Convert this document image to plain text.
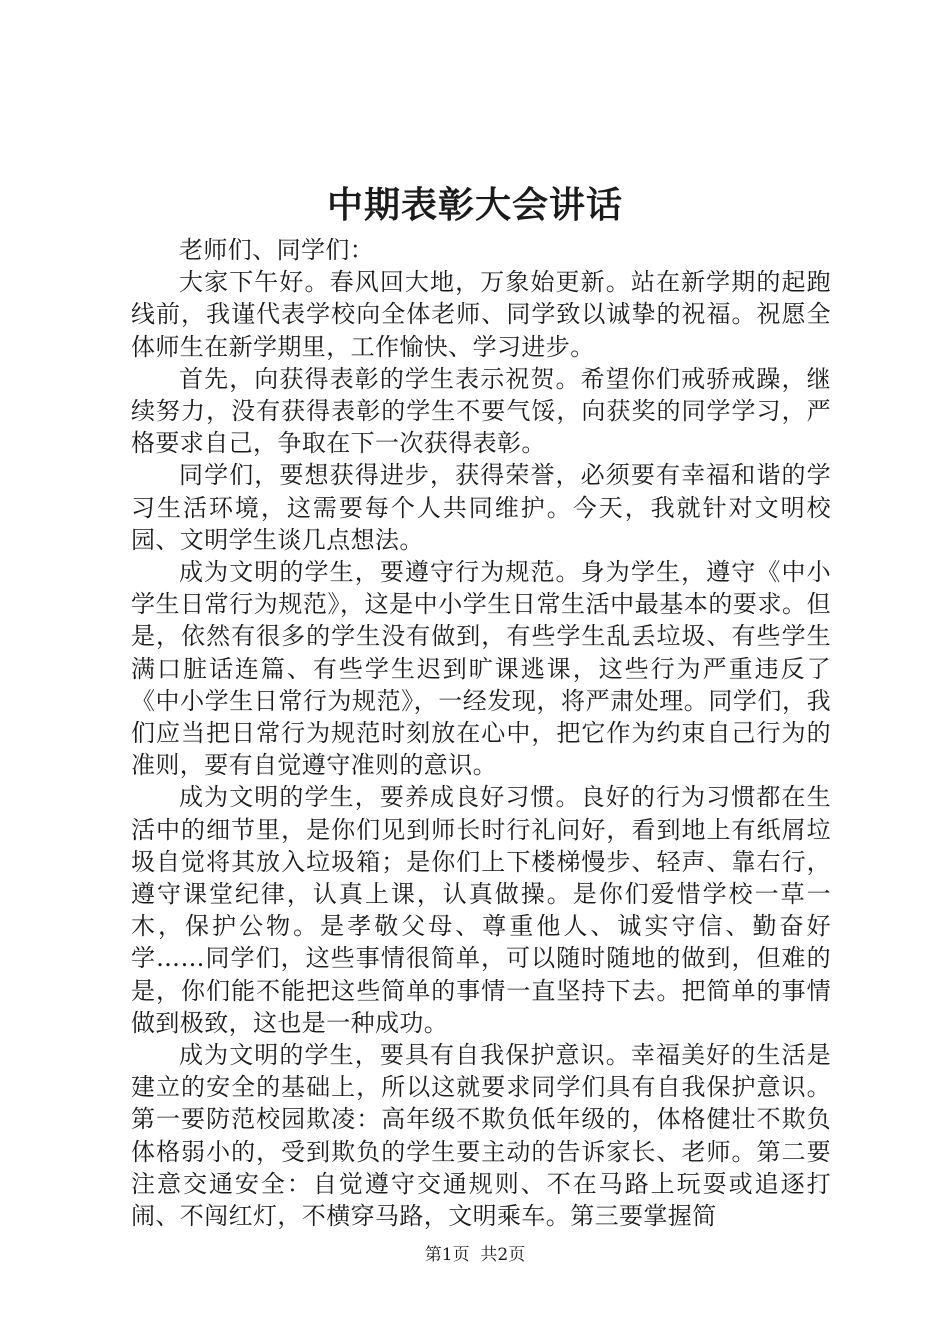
中期表彰大会讲话

老师们、同学们：

大家下午好。春风回大地，万象始更新。站在新学期的起跑线前，我谨代表学校向全体老师、同学致以诚挚的祝福。祝愿全体师生在新学期里，工作愉快、学习进步。

首先，向获得表彰的学生表示祝贺。希望你们戒骄戒躁，继续努力，没有获得表彰的学生不要气馁，向获奖的同学学习，严格要求自己，争取在下一次获得表彰。

同学们，要想获得进步，获得荣誉，必须要有幸福和谐的学习生活环境，这需要每个人共同维护。今天，我就针对文明校园、文明学生谈几点想法。

成为文明的学生，要遵守行为规范。身为学生，遵守《中小学生日常行为规范》，这是中小学生日常生活中最基本的要求。但是，依然有很多的学生没有做到，有些学生乱丢垃圾、有些学生满口脏话连篇、有些学生迟到旷课逃课，这些行为严重违反了《中小学生日常行为规范》，一经发现，将严肃处理。同学们，我们应当把日常行为规范时刻放在心中，把它作为约束自己行为的准则，要有自觉遵守准则的意识。

成为文明的学生，要养成良好习惯。良好的行为习惯都在生活中的细节里，是你们见到师长时行礼问好，看到地上有纸屑垃圾自觉将其放入垃圾箱；是你们上下楼梯慢步、轻声、靠右行，遵守课堂纪律，认真上课，认真做操。是你们爱惜学校一草一木，保护公物。是孝敬父母、尊重他人、诚实守信、勤奋好学……同学们，这些事情很简单，可以随时随地的做到，但难的是，你们能不能把这些简单的事情一直坚持下去。把简单的事情做到极致，这也是一种成功。

成为文明的学生，要具有自我保护意识。幸福美好的生活是建立的安全的基础上，所以这就要求同学们具有自我保护意识。第一要防范校园欺凌：高年级不欺负低年级的，体格健壮不欺负体格弱小的，受到欺负的学生要主动的告诉家长、老师。第二要注意交通安全：自觉遵守交通规则、不在马路上玩耍或追逐打闹、不闯红灯，不横穿马路，文明乘车。第三要掌握简

第1页 共2页
